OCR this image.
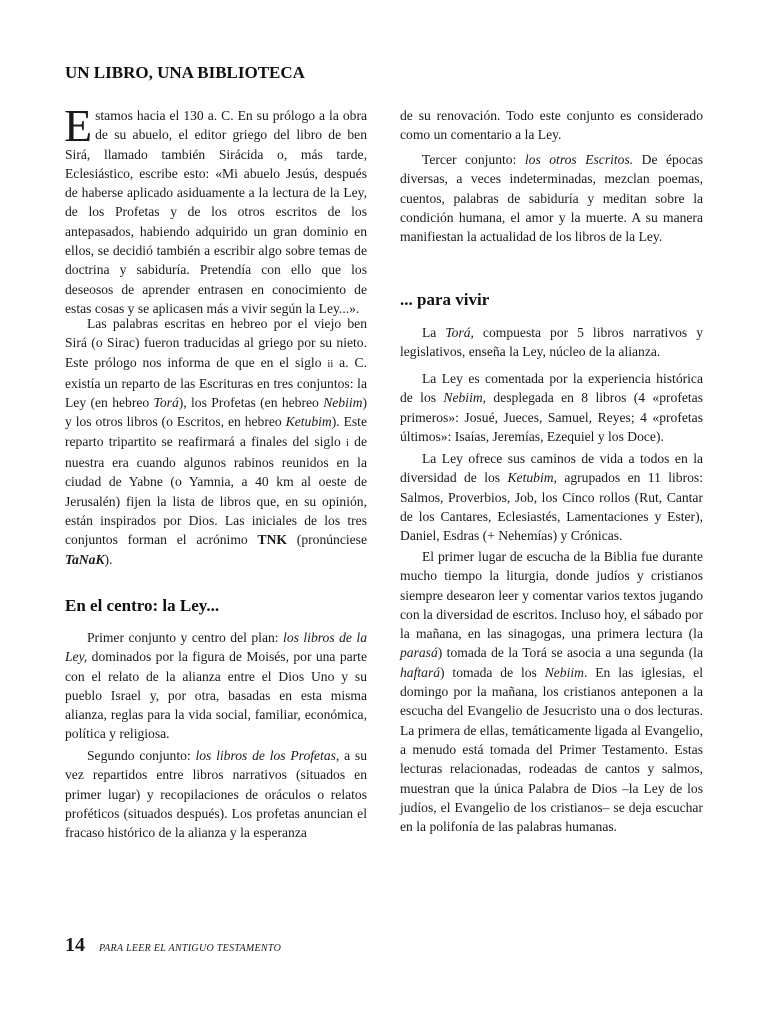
UN LIBRO, UNA BIBLIOTECA

Estamos hacia el 130 a. C. En su prólogo a la obra de su abuelo, el editor griego del libro de ben Sirá, llamado también Sirácida o, más tarde, Eclesiástico, escribe esto: «Mi abuelo Jesús, después de haberse aplicado asiduamente a la lectura de la Ley, de los Profetas y de los otros escritos de los antepasados, habiendo adquirido un gran dominio en ellos, se decidió también a escribir algo sobre temas de doctrina y sabiduría. Pretendía con ello que los deseosos de aprender entrasen en conocimiento de estas cosas y se aplicasen más a vivir según la Ley...».

Las palabras escritas en hebreo por el viejo ben Sirá (o Sirac) fueron traducidas al griego por su nieto. Este prólogo nos informa de que en el siglo ii a. C. existía un reparto de las Escrituras en tres conjuntos: la Ley (en hebreo Torá), los Profetas (en hebreo Nebiim) y los otros libros (o Escritos, en hebreo Ketubim). Este reparto tripartito se reafirmará a finales del siglo i de nuestra era cuando algunos rabinos reunidos en la ciudad de Yabne (o Yamnia, a 40 km al oeste de Jerusalén) fijen la lista de libros que, en su opinión, están inspirados por Dios. Las iniciales de los tres conjuntos forman el acrónimo TNK (pronúnciese TaNaK).

En el centro: la Ley...

Primer conjunto y centro del plan: los libros de la Ley, dominados por la figura de Moisés, por una parte con el relato de la alianza entre el Dios Uno y su pueblo Israel y, por otra, basadas en esta misma alianza, reglas para la vida social, familiar, económica, política y religiosa.

Segundo conjunto: los libros de los Profetas, a su vez repartidos entre libros narrativos (situados en primer lugar) y recopilaciones de oráculos o relatos proféticos (situados después). Los profetas anuncian el fracaso histórico de la alianza y la esperanza

de su renovación. Todo este conjunto es considerado como un comentario a la Ley.

Tercer conjunto: los otros Escritos. De épocas diversas, a veces indeterminadas, mezclan poemas, cuentos, palabras de sabiduría y meditan sobre la condición humana, el amor y la muerte. A su manera manifiestan la actualidad de los libros de la Ley.

... para vivir

La Torá, compuesta por 5 libros narrativos y legislativos, enseña la Ley, núcleo de la alianza.

La Ley es comentada por la experiencia histórica de los Nebiim, desplegada en 8 libros (4 «profetas primeros»: Josué, Jueces, Samuel, Reyes; 4 «profetas últimos»: Isaías, Jeremías, Ezequiel y los Doce).

La Ley ofrece sus caminos de vida a todos en la diversidad de los Ketubim, agrupados en 11 libros: Salmos, Proverbios, Job, los Cinco rollos (Rut, Cantar de los Cantares, Eclesiastés, Lamentaciones y Ester), Daniel, Esdras (+ Nehemías) y Crónicas.

El primer lugar de escucha de la Biblia fue durante mucho tiempo la liturgia, donde judíos y cristianos siempre desearon leer y comentar varios textos jugando con la diversidad de escritos. Incluso hoy, el sábado por la mañana, en las sinagogas, una primera lectura (la parasá) tomada de la Torá se asocia a una segunda (la haftará) tomada de los Nebiim. En las iglesias, el domingo por la mañana, los cristianos anteponen a la escucha del Evangelio de Jesucristo una o dos lecturas. La primera de ellas, temáticamente ligada al Evangelio, a menudo está tomada del Primer Testamento. Estas lecturas relacionadas, rodeadas de cantos y salmos, muestran que la única Palabra de Dios –la Ley de los judíos, el Evangelio de los cristianos– se deja escuchar en la polifonía de las palabras humanas.

14 PARA LEER EL ANTIGUO TESTAMENTO
